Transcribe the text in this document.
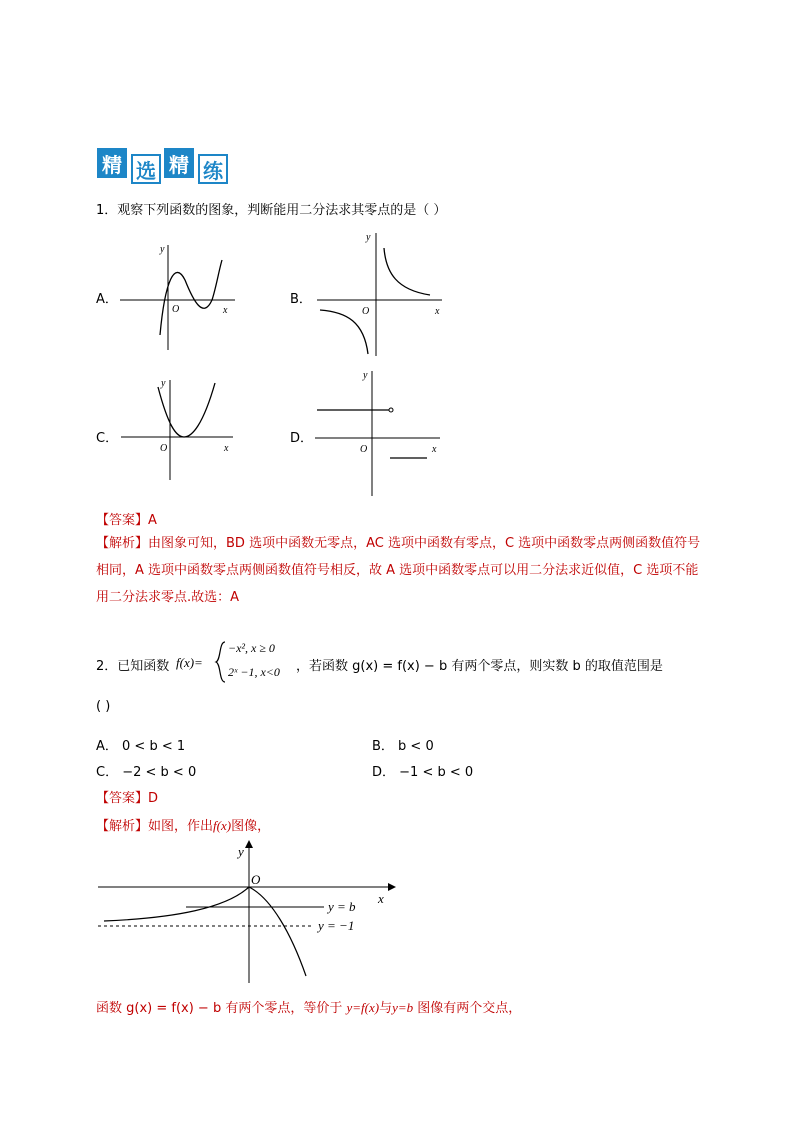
精 选 精 练
1．观察下列函数的图象，判断能用二分法求其零点的是（ ）
A．	B．
C．	D．
y
x
O
y
x
O
y
x
O
y
x
O
【答案】A
【解析】由图象可知，BD 选项中函数无零点，AC 选项中函数有零点，C 选项中函数零点两侧函数值符号相同，A 选项中函数零点两侧函数值符号相反，故 A 选项中函数零点可以用二分法求近似值，C 选项不能用二分法求零点.故选：A
2．已知函数 f(x)=
−x², x ≥ 0
2ˣ −1, x<0 ，若函数 g(x) = f(x) − b 有两个零点，则实数 b 的取值范围是
( )
A． 0 < b < 1	B． b < 0
C． −2 < b < 0	D． −1 < b < 0
【答案】D
【解析】如图，作出f(x)图像，
y
x
O
y = b
y = −1
函数 g(x) = f(x) − b 有两个零点，等价于 y=f(x)与y=b 图像有两个交点，
